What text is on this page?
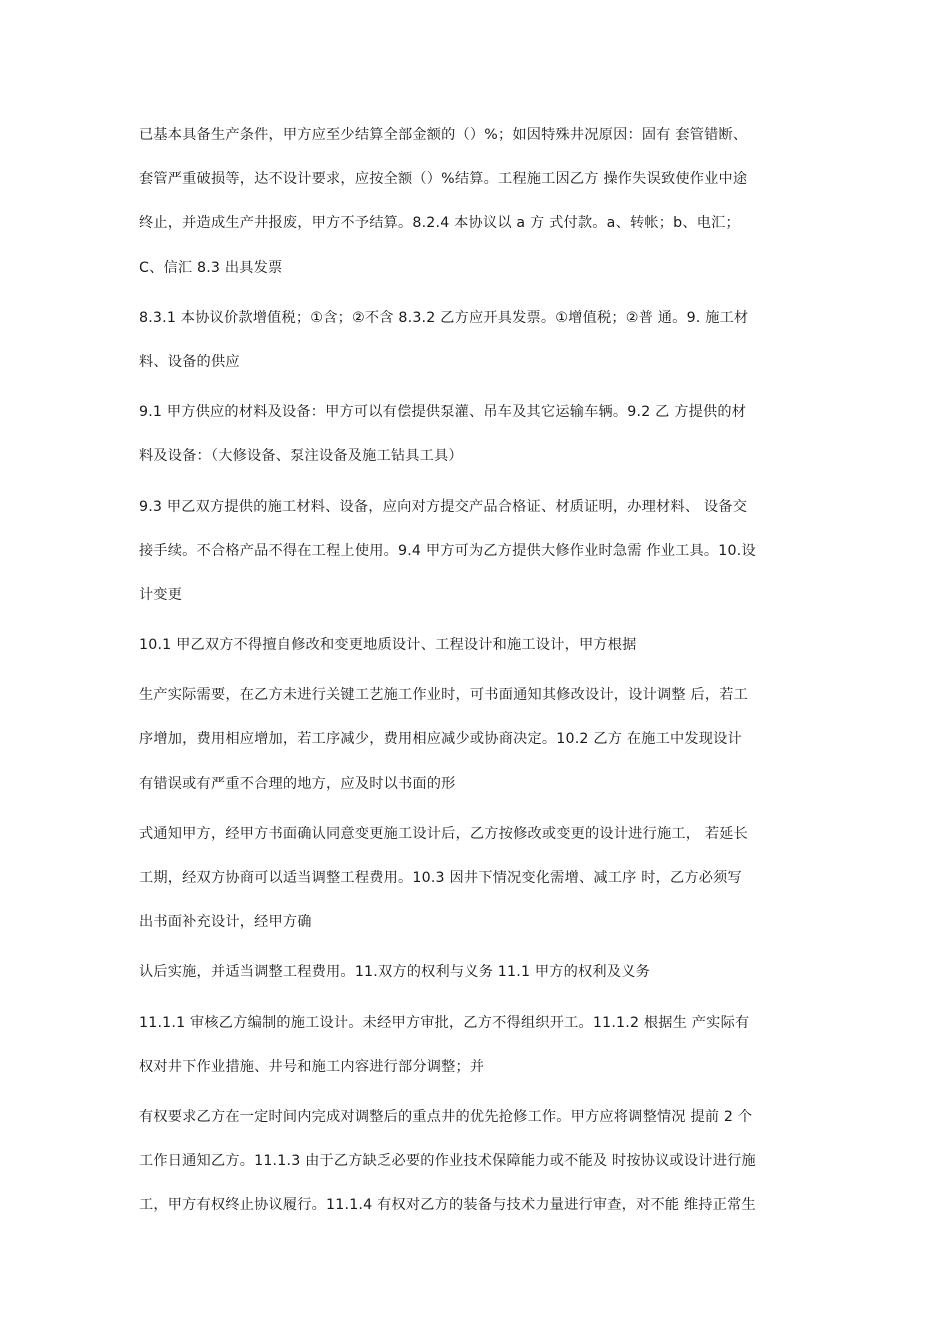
已基本具备生产条件，甲方应至少结算全部金额的（）%；如因特殊井况原因：固有 套管错断、
套管严重破损等，达不设计要求，应按全额（）%结算。工程施工因乙方 操作失误致使作业中途
终止，并造成生产井报废，甲方不予结算。8.2.4 本协议以 a 方 式付款。a、转帐；b、电汇；
C、信汇 8.3 出具发票

8.3.1 本协议价款增值税；①含；②不含 8.3.2 乙方应开具发票。①增值税；②普 通。9. 施工材
料、设备的供应

9.1 甲方供应的材料及设备：甲方可以有偿提供泵灌、吊车及其它运输车辆。9.2 乙 方提供的材
料及设备：（大修设备、泵注设备及施工钻具工具）

9.3 甲乙双方提供的施工材料、设备，应向对方提交产品合格证、材质证明，办理材料、 设备交
接手续。不合格产品不得在工程上使用。9.4 甲方可为乙方提供大修作业时急需 作业工具。10.设
计变更

10.1 甲乙双方不得擅自修改和变更地质设计、工程设计和施工设计，甲方根据

生产实际需要，在乙方未进行关键工艺施工作业时，可书面通知其修改设计，设计调整 后，若工
序增加，费用相应增加，若工序减少，费用相应减少或协商决定。10.2 乙方 在施工中发现设计
有错误或有严重不合理的地方，应及时以书面的形

式通知甲方，经甲方书面确认同意变更施工设计后，乙方按修改或变更的设计进行施工， 若延长
工期，经双方协商可以适当调整工程费用。10.3 因井下情况变化需增、减工序 时，乙方必须写
出书面补充设计，经甲方确

认后实施，并适当调整工程费用。11.双方的权利与义务 11.1 甲方的权利及义务

11.1.1 审核乙方编制的施工设计。未经甲方审批，乙方不得组织开工。11.1.2 根据生 产实际有
权对井下作业措施、井号和施工内容进行部分调整；并

有权要求乙方在一定时间内完成对调整后的重点井的优先抢修工作。甲方应将调整情况 提前 2 个
工作日通知乙方。11.1.3 由于乙方缺乏必要的作业技术保障能力或不能及 时按协议或设计进行施
工，甲方有权终止协议履行。11.1.4 有权对乙方的装备与技术力量进行审查，对不能 维持正常生
